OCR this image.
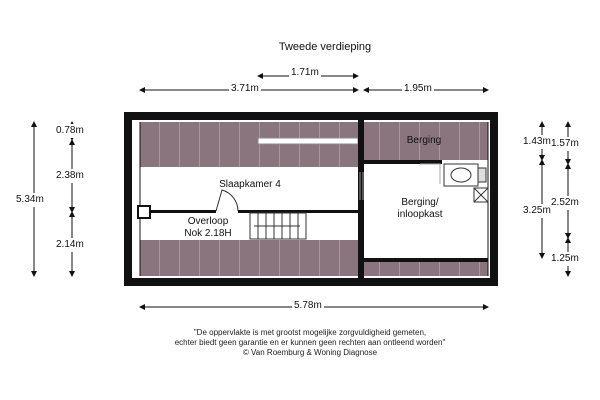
Tweede verdieping
1.71m
3.71m	1.95m
5.78m
5.34m
0.78m
2.38m
2.14m
1.43m
3.25m
1.57m
2.52m
1.25m
Slaapkamer 4
Berging
Berging/
inloopkast
Overloop
Nok 2.18H
"De oppervlakte is met grootst mogelijke zorgvuldigheid gemeten,
echter biedt geen garantie en er kunnen geen rechten aan ontleend worden"
© Van Roemburg & Woning Diagnose
